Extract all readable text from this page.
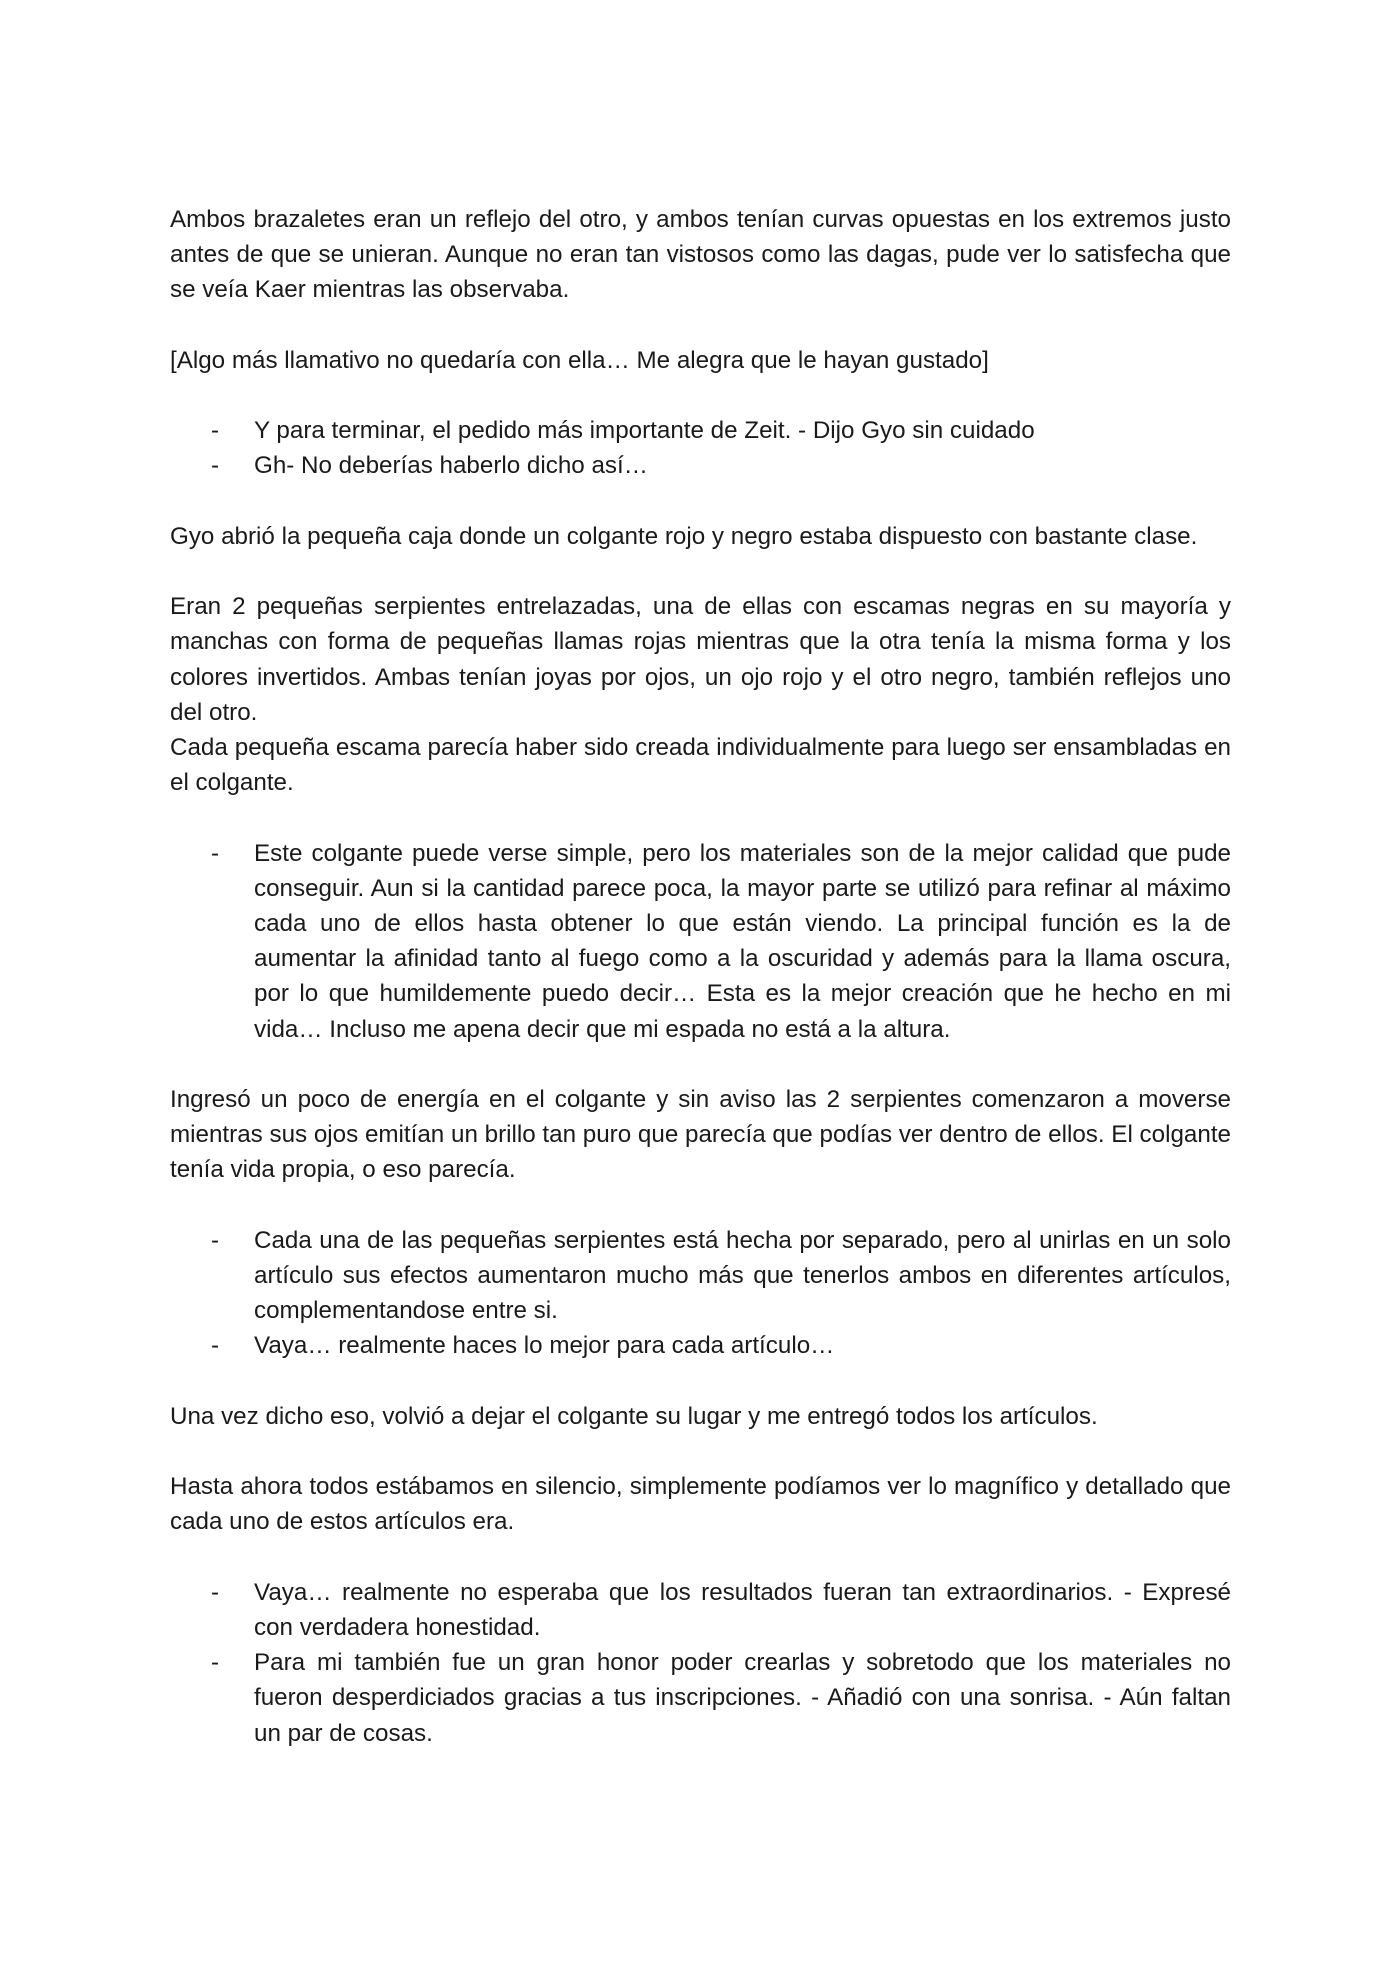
Ambos brazaletes eran un reflejo del otro, y ambos tenían curvas opuestas en los extremos justo antes de que se unieran. Aunque no eran tan vistosos como las dagas, pude ver lo satisfecha que se veía Kaer mientras las observaba.

[Algo más llamativo no quedaría con ella… Me alegra que le hayan gustado]

- Y para terminar, el pedido más importante de Zeit. - Dijo Gyo sin cuidado
- Gh- No deberías haberlo dicho así…

Gyo abrió la pequeña caja donde un colgante rojo y negro estaba dispuesto con bastante clase.

Eran 2 pequeñas serpientes entrelazadas, una de ellas con escamas negras en su mayoría y manchas con forma de pequeñas llamas rojas mientras que la otra tenía la misma forma y los colores invertidos. Ambas tenían joyas por ojos, un ojo rojo y el otro negro, también reflejos uno del otro.

Cada pequeña escama parecía haber sido creada individualmente para luego ser ensambladas en el colgante.

- Este colgante puede verse simple, pero los materiales son de la mejor calidad que pude conseguir. Aun si la cantidad parece poca, la mayor parte se utilizó para refinar al máximo cada uno de ellos hasta obtener lo que están viendo. La principal función es la de aumentar la afinidad tanto al fuego como a la oscuridad y además para la llama oscura, por lo que humildemente puedo decir… Esta es la mejor creación que he hecho en mi vida… Incluso me apena decir que mi espada no está a la altura.

Ingresó un poco de energía en el colgante y sin aviso las 2 serpientes comenzaron a moverse mientras sus ojos emitían un brillo tan puro que parecía que podías ver dentro de ellos. El colgante tenía vida propia, o eso parecía.

- Cada una de las pequeñas serpientes está hecha por separado, pero al unirlas en un solo artículo sus efectos aumentaron mucho más que tenerlos ambos en diferentes artículos, complementandose entre si.
- Vaya… realmente haces lo mejor para cada artículo…

Una vez dicho eso, volvió a dejar el colgante su lugar y me entregó todos los artículos.

Hasta ahora todos estábamos en silencio, simplemente podíamos ver lo magnífico y detallado que cada uno de estos artículos era.

- Vaya… realmente no esperaba que los resultados fueran tan extraordinarios. - Expresé con verdadera honestidad.
- Para mi también fue un gran honor poder crearlas y sobretodo que los materiales no fueron desperdiciados gracias a tus inscripciones. - Añadió con una sonrisa. - Aún faltan un par de cosas.
